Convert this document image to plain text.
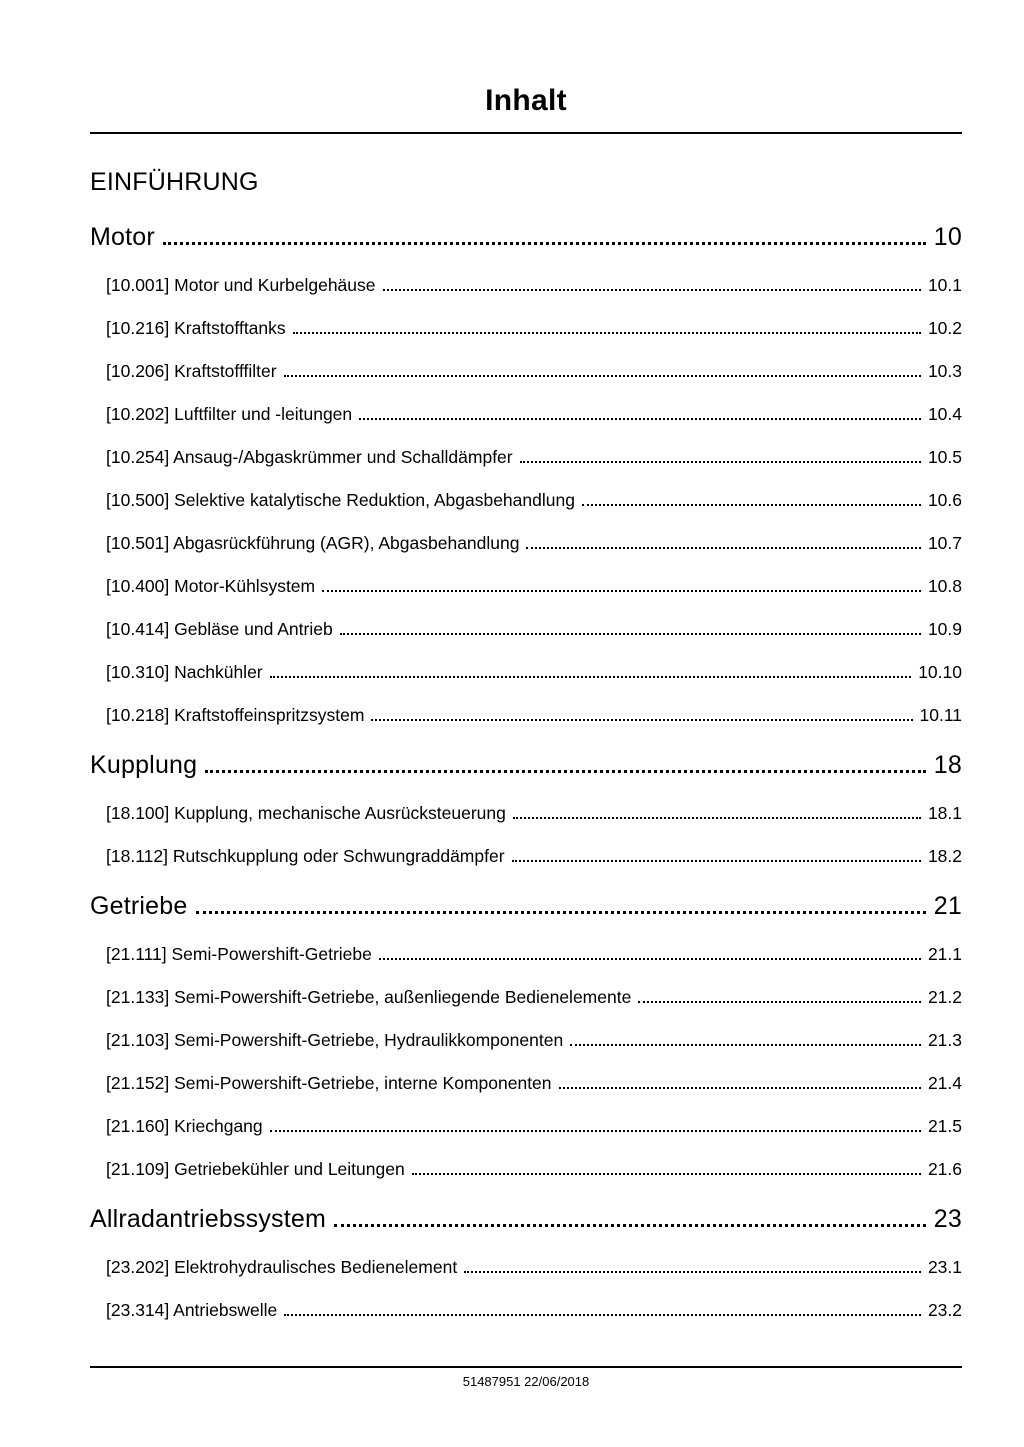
Inhalt
EINFÜHRUNG
Motor	10
[10.001] Motor und Kurbelgehäuse	10.1
[10.216] Kraftstofftanks	10.2
[10.206] Kraftstofffilter	10.3
[10.202] Luftfilter und -leitungen	10.4
[10.254] Ansaug-/Abgaskrümmer und Schalldämpfer	10.5
[10.500] Selektive katalytische Reduktion, Abgasbehandlung	10.6
[10.501] Abgasrückführung (AGR), Abgasbehandlung	10.7
[10.400] Motor-Kühlsystem	10.8
[10.414] Gebläse und Antrieb	10.9
[10.310] Nachkühler	10.10
[10.218] Kraftstoffeinspritzsystem	10.11
Kupplung	18
[18.100] Kupplung, mechanische Ausrücksteuerung	18.1
[18.112] Rutschkupplung oder Schwungraddämpfer	18.2
Getriebe	21
[21.111] Semi-Powershift-Getriebe	21.1
[21.133] Semi-Powershift-Getriebe, außenliegende Bedienelemente	21.2
[21.103] Semi-Powershift-Getriebe, Hydraulikkomponenten	21.3
[21.152] Semi-Powershift-Getriebe, interne Komponenten	21.4
[21.160] Kriechgang	21.5
[21.109] Getriebekühler und Leitungen	21.6
Allradantriebssystem	23
[23.202] Elektrohydraulisches Bedienelement	23.1
[23.314] Antriebswelle	23.2
51487951 22/06/2018
